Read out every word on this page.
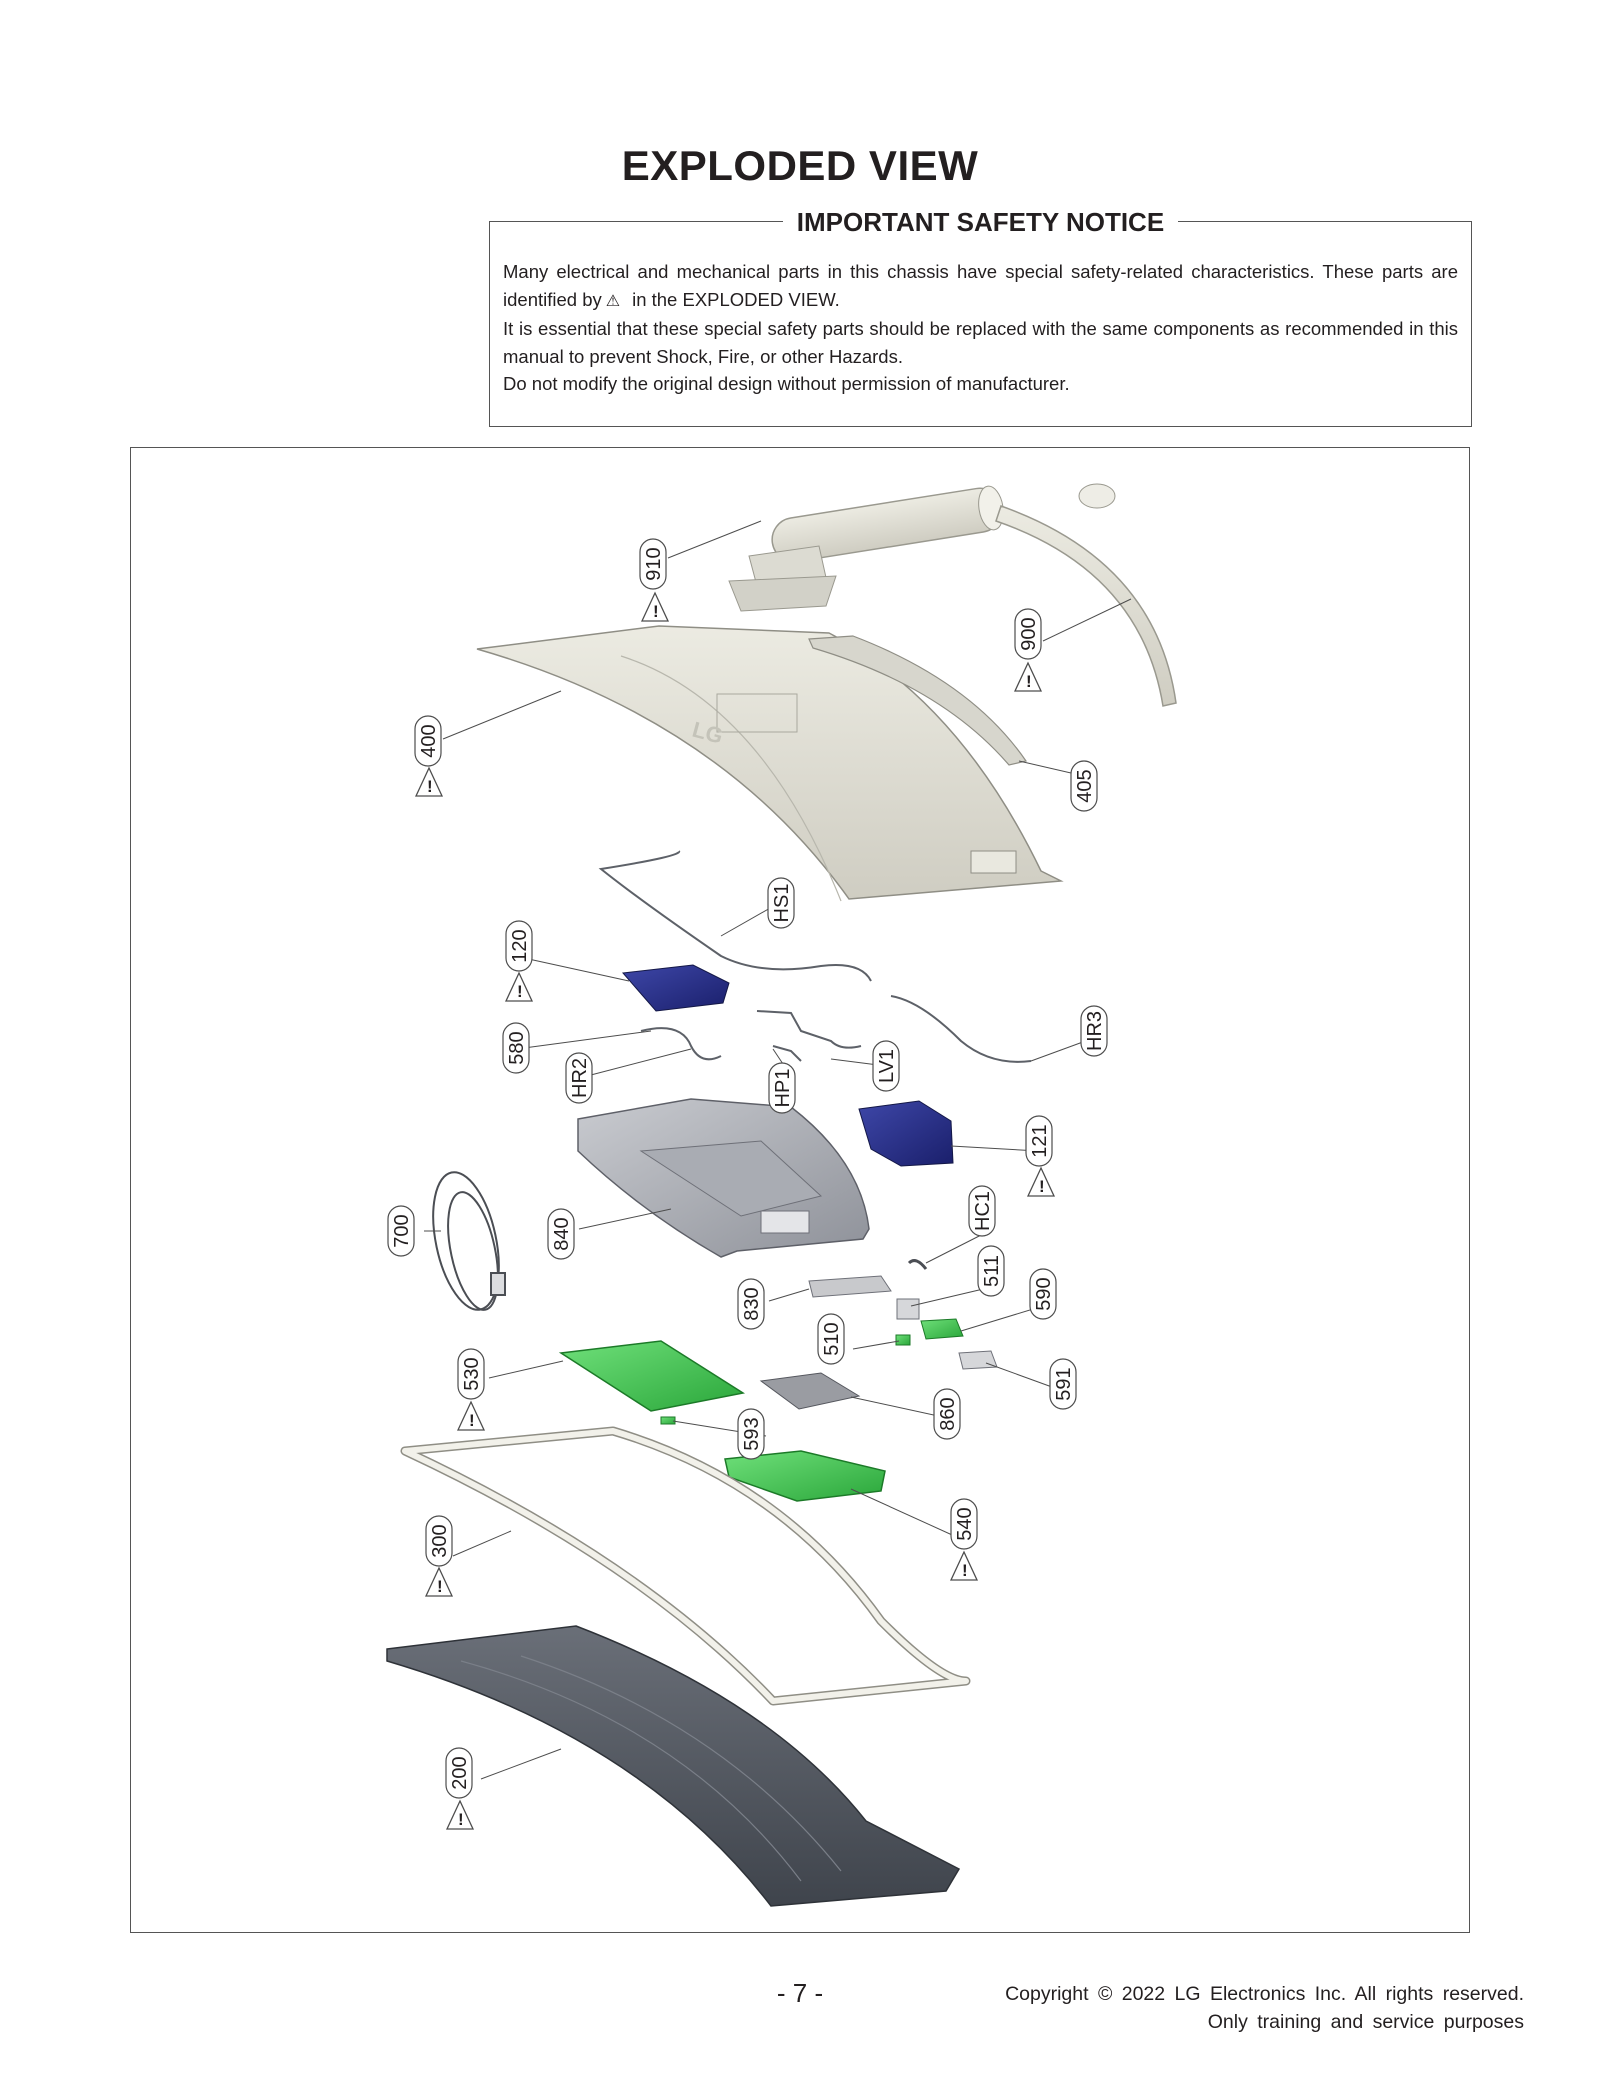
EXPLODED VIEW
IMPORTANT SAFETY NOTICE

Many electrical and mechanical parts in this chassis have special safety-related characteristics. These parts are identified by ⚠ in the EXPLODED VIEW.

It is essential that these special safety parts should be replaced with the same components as recommended in this manual to prevent Shock, Fire, or other Hazards.

Do not modify the original design without permission of manufacturer.

LG
910
900
400
405
HS1
120
580
HR2	HP1
LV1
HR3
121
700	840
HC1
830
511
590
510
530	591
860
593
540
300
200
!
!
!
!
!
!
!
!
!
- 7 -	Copyright © 2022 LG Electronics Inc. All rights reserved.
Only training and service purposes
